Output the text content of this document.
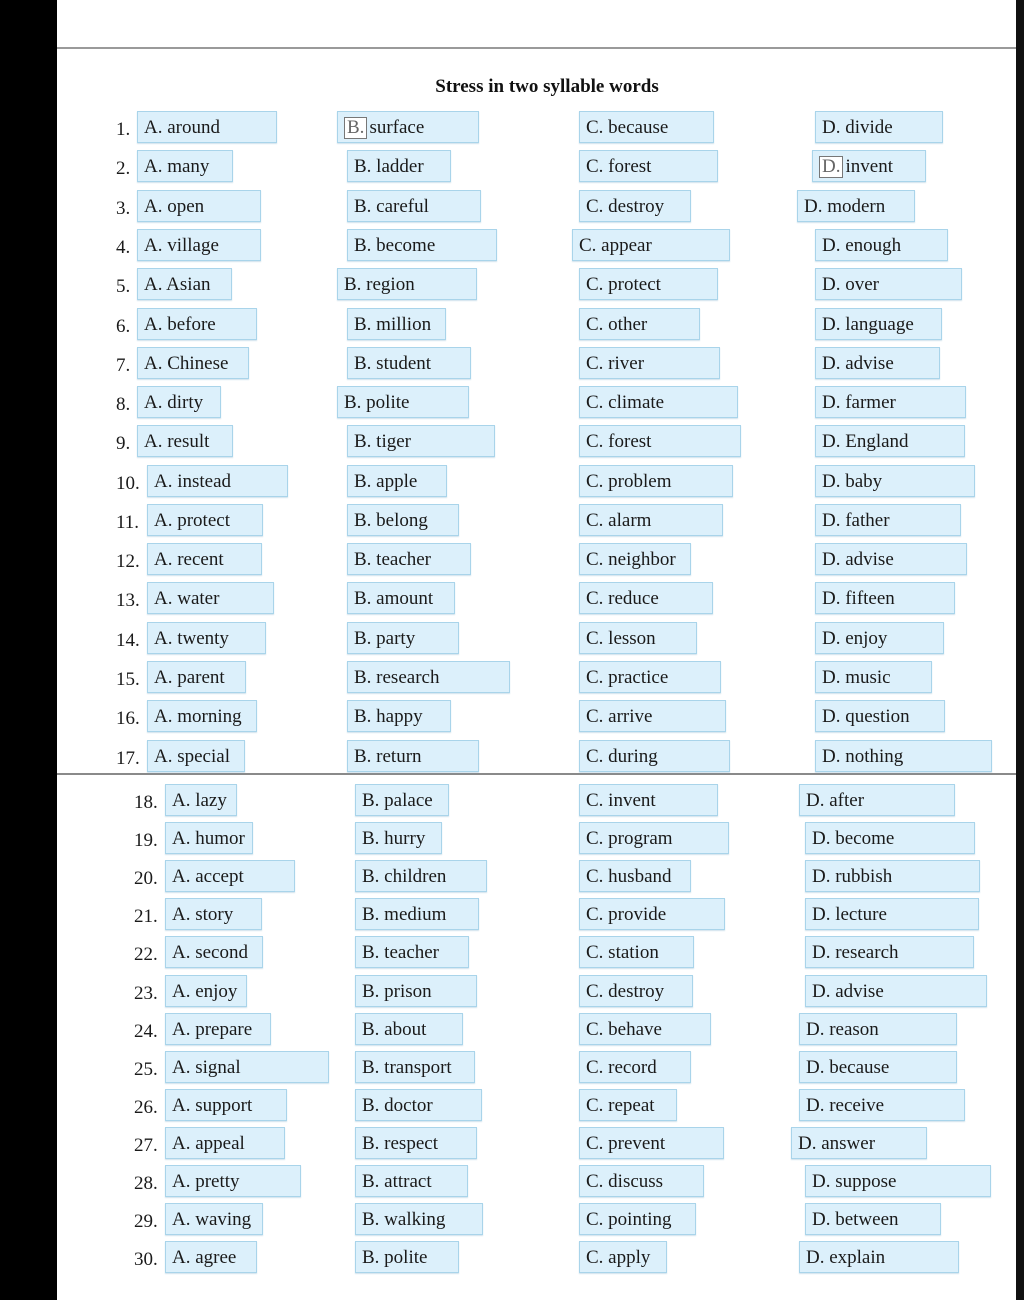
Stress in two syllable words
1. A. around	B. surface	C. because	D. divide
2. A. many	B. ladder	C. forest	D. invent
3. A. open	B. careful	C. destroy	D. modern
4. A. village	B. become	C. appear	D. enough
5. A. Asian	B. region	C. protect	D. over
6. A. before	B. million	C. other	D. language
7. A. Chinese	B. student	C. river	D. advise
8. A. dirty	B. polite	C. climate	D. farmer
9. A. result	B. tiger	C. forest	D. England
10. A. instead	B. apple	C. problem	D. baby
11. A. protect	B. belong	C. alarm	D. father
12. A. recent	B. teacher	C. neighbor	D. advise
13. A. water	B. amount	C. reduce	D. fifteen
14. A. twenty	B. party	C. lesson	D. enjoy
15. A. parent	B. research	C. practice	D. music
16. A. morning	B. happy	C. arrive	D. question
17. A. special	B. return	C. during	D. nothing
18. A. lazy	B. palace	C. invent	D. after
19. A. humor	B. hurry	C. program	D. become
20. A. accept	B. children	C. husband	D. rubbish
21. A. story	B. medium	C. provide	D. lecture
22. A. second	B. teacher	C. station	D. research
23. A. enjoy	B. prison	C. destroy	D. advise
24. A. prepare	B. about	C. behave	D. reason
25. A. signal	B. transport	C. record	D. because
26. A. support	B. doctor	C. repeat	D. receive
27. A. appeal	B. respect	C. prevent	D. answer
28. A. pretty	B. attract	C. discuss	D. suppose
29. A. waving	B. walking	C. pointing	D. between
30. A. agree	B. polite	C. apply	D. explain
